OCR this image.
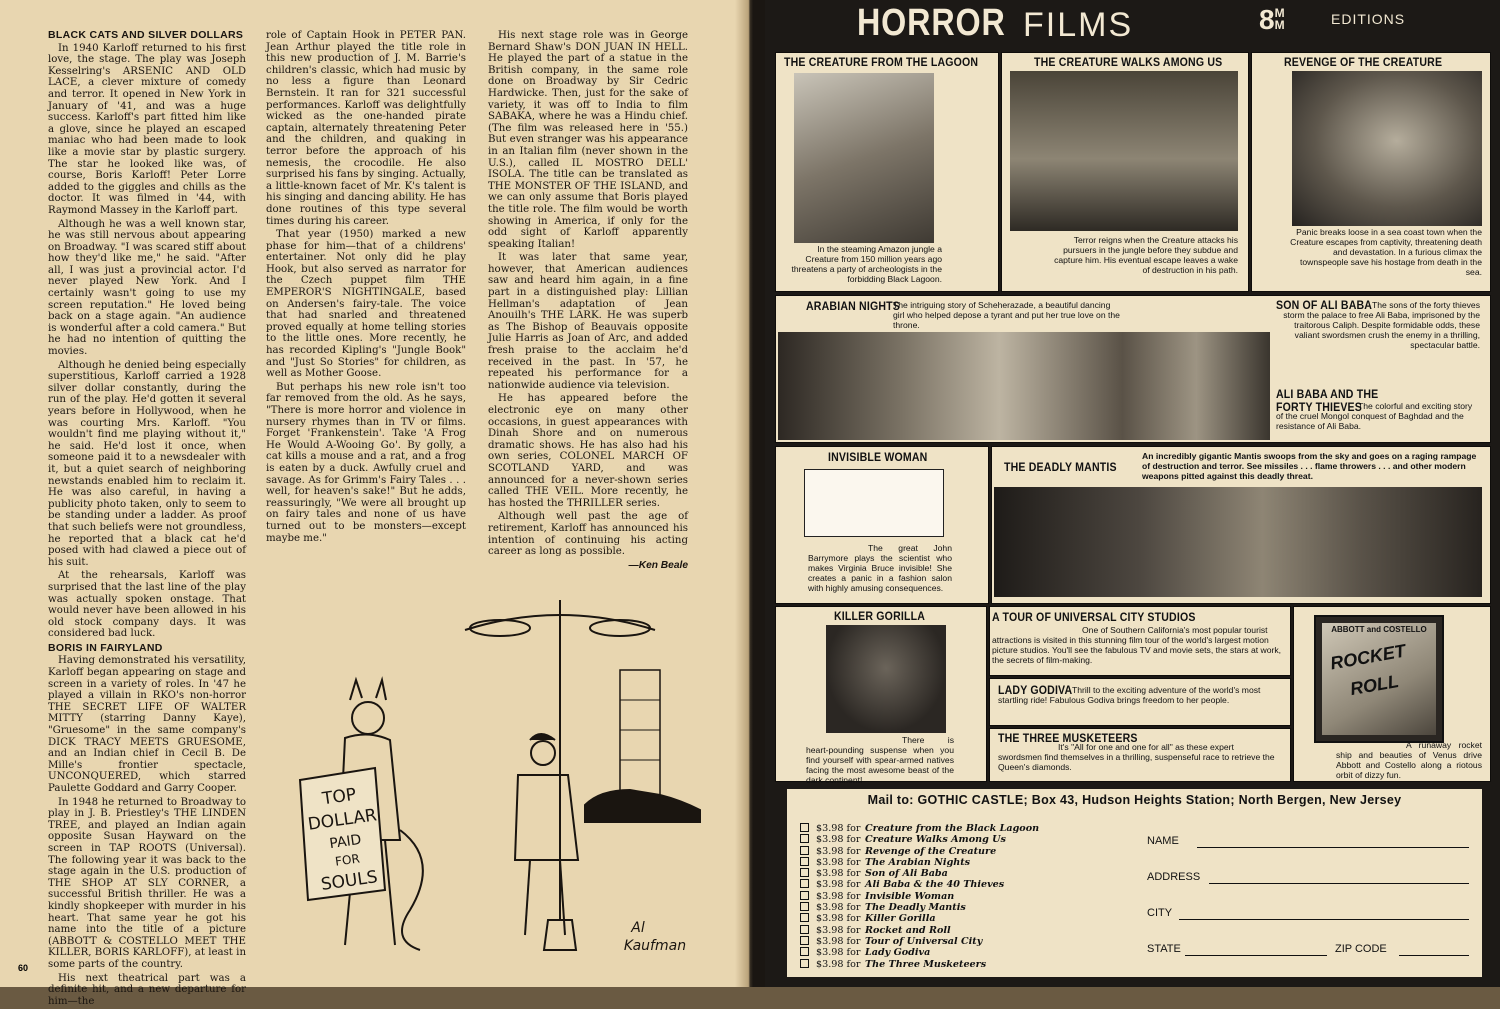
BLACK CATS AND SILVER DOLLARS

In 1940 Karloff returned to his first love, the stage. The play was Joseph Kesselring's ARSENIC AND OLD LACE, a clever mixture of comedy and terror. It opened in New York in January of '41, and was a huge success. Karloff's part fitted him like a glove, since he played an escaped maniac who had been made to look like a movie star by plastic surgery. The star he looked like was, of course, Boris Karloff! Peter Lorre added to the giggles and chills as the doctor. It was filmed in '44, with Raymond Massey in the Karloff part.

Although he was a well known star, he was still nervous about appearing on Broadway. "I was scared stiff about how they'd like me," he said. "After all, I was just a provincial actor. I'd never played New York. And I certainly wasn't going to use my screen reputation." He loved being back on a stage again. "An audience is wonderful after a cold camera." But he had no intention of quitting the movies.

Although he denied being especially superstitious, Karloff carried a 1928 silver dollar constantly, during the run of the play. He'd gotten it several years before in Hollywood, when he was courting Mrs. Karloff. "You wouldn't find me playing without it," he said. He'd lost it once, when someone paid it to a newsdealer with it, but a quiet search of neighboring newstands enabled him to reclaim it. He was also careful, in having a publicity photo taken, only to seem to be standing under a ladder. As proof that such beliefs were not groundless, he reported that a black cat he'd posed with had clawed a piece out of his suit.

At the rehearsals, Karloff was surprised that the last line of the play was actually spoken onstage. That would never have been allowed in his old stock company days. It was considered bad luck.

BORIS IN FAIRYLAND

Having demonstrated his versatility, Karloff began appearing on stage and screen in a variety of roles. In '47 he played a villain in RKO's non-horror THE SECRET LIFE OF WALTER MITTY (starring Danny Kaye), "Gruesome" in the same company's DICK TRACY MEETS GRUESOME, and an Indian chief in Cecil B. De Mille's frontier spectacle, UNCONQUERED, which starred Paulette Goddard and Garry Cooper.

In 1948 he returned to Broadway to play in J. B. Priestley's THE LINDEN TREE, and played an Indian again opposite Susan Hayward on the screen in TAP ROOTS (Universal). The following year it was back to the stage again in the U.S. production of THE SHOP AT SLY CORNER, a successful British thriller. He was a kindly shopkeeper with murder in his heart. That same year he got his name into the title of a picture (ABBOTT & COSTELLO MEET THE KILLER, BORIS KARLOFF), at least in some parts of the country.

His next theatrical part was a definite hit, and a new departure for him—the

role of Captain Hook in PETER PAN. Jean Arthur played the title role in this new production of J. M. Barrie's children's classic, which had music by no less a figure than Leonard Bernstein. It ran for 321 successful performances. Karloff was delightfully wicked as the one-handed pirate captain, alternately threatening Peter and the children, and quaking in terror before the approach of his nemesis, the crocodile. He also surprised his fans by singing. Actually, a little-known facet of Mr. K's talent is his singing and dancing ability. He has done routines of this type several times during his career.

That year (1950) marked a new phase for him—that of a childrens' entertainer. Not only did he play Hook, but also served as narrator for the Czech puppet film THE EMPEROR'S NIGHTINGALE, based on Andersen's fairy-tale. The voice that had snarled and threatened proved equally at home telling stories to the little ones. More recently, he has recorded Kipling's "Jungle Book" and "Just So Stories" for children, as well as Mother Goose.

But perhaps his new role isn't too far removed from the old. As he says, "There is more horror and violence in nursery rhymes than in TV or films. Forget 'Frankenstein'. Take 'A Frog He Would A-Wooing Go'. By golly, a cat kills a mouse and a rat, and a frog is eaten by a duck. Awfully cruel and savage. As for Grimm's Fairy Tales . . . well, for heaven's sake!" But he adds, reassuringly, "We were all brought up on fairy tales and none of us have turned out to be monsters—except maybe me."

His next stage role was in George Bernard Shaw's DON JUAN IN HELL. He played the part of a statue in the British company, in the same role done on Broadway by Sir Cedric Hardwicke. Then, just for the sake of variety, it was off to India to film SABAKA, where he was a Hindu chief. (The film was released here in '55.) But even stranger was his appearance in an Italian film (never shown in the U.S.), called IL MOSTRO DELL' ISOLA. The title can be translated as THE MONSTER OF THE ISLAND, and we can only assume that Boris played the title role. The film would be worth showing in America, if only for the odd sight of Karloff apparently speaking Italian!

It was later that same year, however, that American audiences saw and heard him again, in a fine part in a distinguished play: Lillian Hellman's adaptation of Jean Anouilh's THE LARK. He was superb as The Bishop of Beauvais opposite Julie Harris as Joan of Arc, and added fresh praise to the acclaim he'd received in the past. In '57, he repeated his performance for a nationwide audience via television.

He has appeared before the electronic eye on many other occasions, in guest appearances with Dinah Shore and on numerous dramatic shows. He has also had his own series, COLONEL MARCH OF SCOTLAND YARD, and was announced for a never-shown series called THE VEIL. More recently, he has hosted the THRILLER series.

Although well past the age of retirement, Karloff has announced his intention of continuing his acting career as long as possible.

—Ken Beale
TOP
DOLLAR
PAID
FOR
SOULS
Al
Kaufman
60
HORROR FILMS	8M
M	EDITIONS
THE CREATURE FROM THE LAGOON
In the steaming Amazon jungle a Creature from 150 million years ago threatens a party of archeologists in the forbidding Black Lagoon.
THE CREATURE WALKS AMONG US
Terror reigns when the Creature attacks his pursuers in the jungle before they subdue and capture him. His eventual escape leaves a wake of destruction in his path.
REVENGE OF THE CREATURE
Panic breaks loose in a sea coast town when the Creature escapes from captivity, threatening death and devastation. In a furious climax the townspeople save his hostage from death in the sea.
ARABIAN NIGHTS
The intriguing story of Scheherazade, a beautiful dancing girl who helped depose a tyrant and put her true love on the throne.
SON OF ALI BABA The sons of the forty thieves storm the palace to free Ali Baba, imprisoned by the traitorous Caliph. Despite formidable odds, these valiant swordsmen crush the enemy in a thrilling, spectacular battle.
ALI BABA AND THE
FORTY THIEVES
The colorful and exciting story of the cruel Mongol conquest of Baghdad and the resistance of Ali Baba.
INVISIBLE WOMAN
The great John Barrymore plays the scientist who makes Virginia Bruce invisible! She creates a panic in a fashion salon with highly amusing consequences.
THE DEADLY MANTIS
An incredibly gigantic Mantis swoops from the sky and goes on a raging rampage of destruction and terror. See missiles . . . flame throwers . . . and other modern weapons pitted against this deadly threat.
KILLER GORILLA
There is heart-pounding suspense when you find yourself with spear-armed natives facing the most awesome beast of the dark continent!
A TOUR OF UNIVERSAL CITY STUDIOS
One of Southern California's most popular tourist attractions is visited in this stunning film tour of the world's largest motion picture studios. You'll see the fabulous TV and movie sets, the stars at work, the secrets of film-making.
LADY GODIVA Thrill to the exciting adventure of the world's most startling ride! Fabulous Godiva brings freedom to her people.
THE THREE MUSKETEERS
It's "All for one and one for all" as these expert swordsmen find themselves in a thrilling, suspenseful race to retrieve the Queen's diamonds.
ABBOTT and COSTELLO
ROCKET
ROLL
A runaway rocket ship and beauties of Venus drive Abbott and Costello along a riotous orbit of dizzy fun.
Mail to: GOTHIC CASTLE; Box 43, Hudson Heights Station; North Bergen, New Jersey
$3.98 for Creature from the Black Lagoon
$3.98 for Creature Walks Among Us
$3.98 for Revenge of the Creature
$3.98 for The Arabian Nights
$3.98 for Son of Ali Baba
$3.98 for Ali Baba & the 40 Thieves
$3.98 for Invisible Woman
$3.98 for The Deadly Mantis
$3.98 for Killer Gorilla
$3.98 for Rocket and Roll
$3.98 for Tour of Universal City
$3.98 for Lady Godiva
$3.98 for The Three Musketeers
NAME
ADDRESS
CITY
STATE	ZIP CODE
